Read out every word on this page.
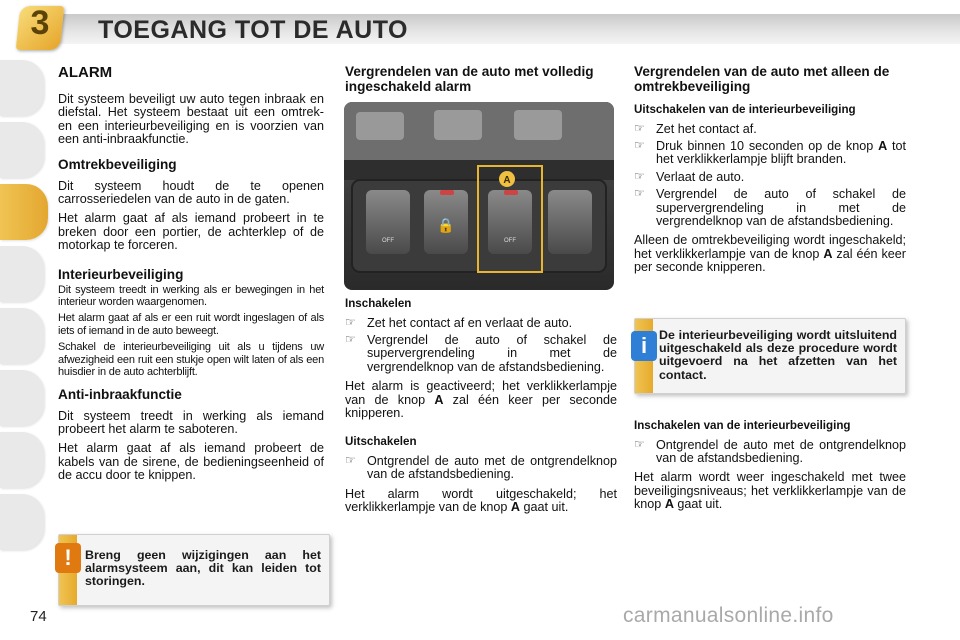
3	TOEGANG TOT DE AUTO
ALARM

Dit systeem beveiligt uw auto tegen inbraak en diefstal. Het systeem bestaat uit een omtrek- en een interieurbeveiliging en is voorzien van een anti-inbraakfunctie.

Omtrekbeveiliging

Dit systeem houdt de te openen carrosseriedelen van de auto in de gaten.

Het alarm gaat af als iemand probeert in te breken door een portier, de achterklep of de motorkap te forceren.

Interieurbeveiliging

Dit systeem treedt in werking als er bewegingen in het interieur worden waargenomen.

Het alarm gaat af als er een ruit wordt ingeslagen of als iets of iemand in de auto beweegt.

Schakel de interieurbeveiliging uit als u tijdens uw afwezigheid een ruit een stukje open wilt laten of als een huisdier in de auto achterblijft.

Anti-inbraakfunctie

Dit systeem treedt in werking als iemand probeert het alarm te saboteren.

Het alarm gaat af als iemand probeert de kabels van de sirene, de bedieningseenheid of de accu door te knippen.

!	Breng geen wijzigingen aan het alarmsysteem aan, dit kan leiden tot storingen.
Vergrendelen van de auto met volledig ingeschakeld alarm
A
OFF	OFF
🔒
Inschakelen
☞ Zet het contact af en verlaat de auto.
☞ Vergrendel de auto of schakel de supervergrendeling in met de vergrendelknop van de afstandsbediening.

Het alarm is geactiveerd; het verklikkerlampje van de knop A zal één keer per seconde knipperen.

Uitschakelen
☞ Ontgrendel de auto met de ontgrendelknop van de afstandsbediening.

Het alarm wordt uitgeschakeld; het verklikkerlampje van de knop A gaat uit.

Vergrendelen van de auto met alleen de omtrekbeveiliging
Uitschakelen van de interieurbeveiliging
☞ Zet het contact af.
☞ Druk binnen 10 seconden op de knop A tot het verklikkerlampje blijft branden.
☞ Verlaat de auto.
☞ Vergrendel de auto of schakel de supervergrendeling in met de vergrendelknop van de afstandsbediening.

Alleen de omtrekbeveiliging wordt ingeschakeld; het verklikkerlampje van de knop A zal één keer per seconde knipperen.

i De interieurbeveiliging wordt uitsluitend uitgeschakeld als deze procedure wordt uitgevoerd na het afzetten van het contact.
Inschakelen van de interieurbeveiliging
☞ Ontgrendel de auto met de ontgrendelknop van de afstandsbediening.

Het alarm wordt weer ingeschakeld met twee beveiligingsniveaus; het verklikkerlampje van de knop A gaat uit.

74	carmanualsonline.info
